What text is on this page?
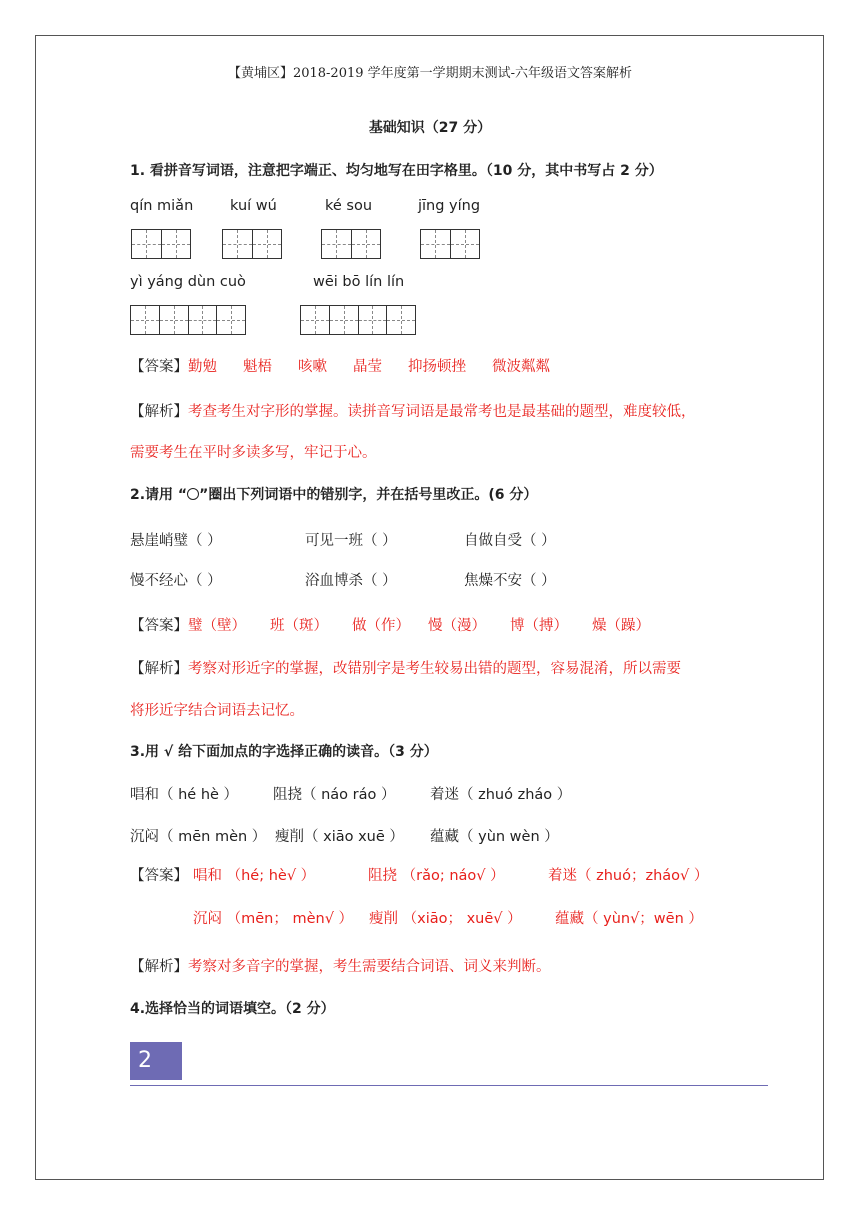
【黄埔区】2018-2019 学年度第一学期期末测试-六年级语文答案解析
基础知识（27 分）
1. 看拼音写词语，注意把字端正、均匀地写在田字格里。（10 分，其中书写占 2 分）
qín miǎn	kuí wú	ké sou	jīng yíng
yì yáng dùn cuò	wēi bō lín lín
【答案】勤勉 魁梧 咳嗽 晶莹 抑扬顿挫 微波粼粼
【解析】考查考生对字形的掌握。读拼音写词语是最常考也是最基础的题型，难度较低，
需要考生在平时多读多写，牢记于心。
2.请用 “ ”圈出下列词语中的错别字，并在括号里改正。(6 分）
悬崖峭璧（ ）	可见一班（ ）	自做自受（ ）
慢不经心（ ）	浴血博杀（ ）	焦燥不安（ ）
【答案】璧（壁） 班（斑） 做（作） 慢（漫） 博（搏） 燥（躁）
【解析】考察对形近字的掌握，改错别字是考生较易出错的题型，容易混淆，所以需要
将形近字结合词语去记忆。
3.用 √ 给下面加点的字选择正确的读音。（3 分）
唱和（ hé hè ） 阻挠（ náo ráo ） 着迷（ zhuó zháo ）
沉闷（ mēn mèn ） 瘦削（ xiāo xuē ） 蕴藏（ yùn wèn ）
【答案】 唱和 （hé; hè√ ）	阻挠 （rǎo; náo√ ）	着迷（ zhuó；zháo√ ）
沉闷 （mēn； mèn√ ） 瘦削 （xiāo； xuē√ ） 蕴藏（ yùn√；wēn ）
【解析】考察对多音字的掌握，考生需要结合词语、词义来判断。
4.选择恰当的词语填空。（2 分）
2
